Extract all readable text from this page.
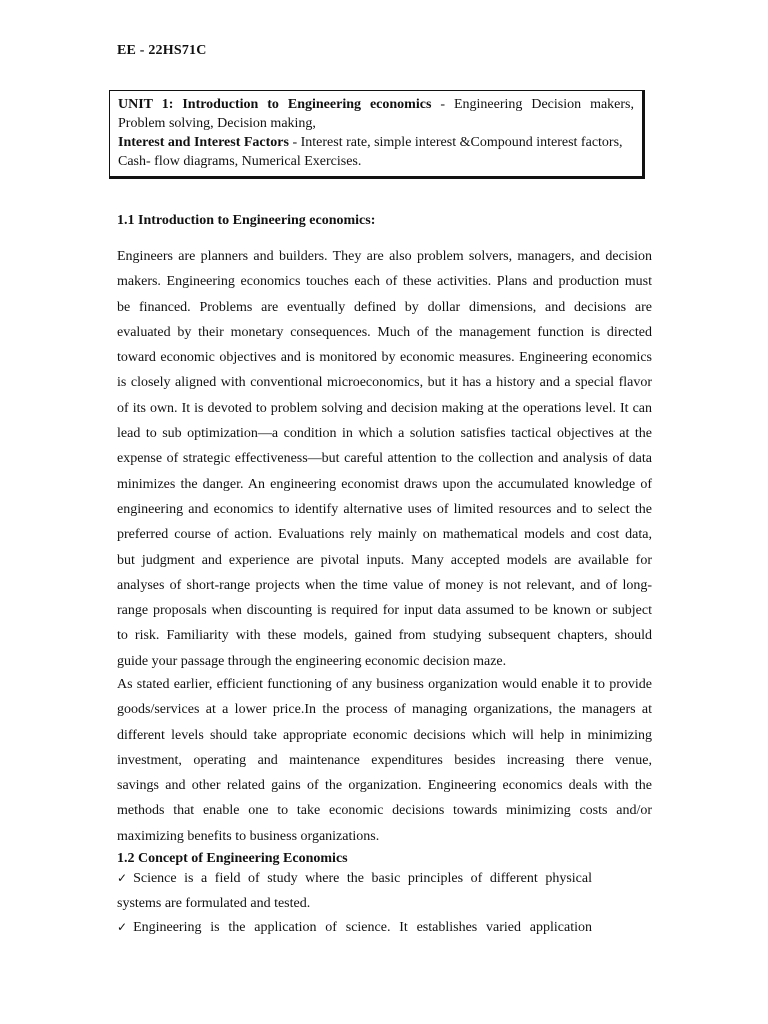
EE - 22HS71C
UNIT 1: Introduction to Engineering economics - Engineering Decision makers,
Problem solving, Decision making,
Interest and Interest Factors - Interest rate, simple interest &Compound interest factors,
Cash- flow diagrams, Numerical Exercises.
1.1 Introduction to Engineering economics:
Engineers are planners and builders. They are also problem solvers, managers, and decision
makers. Engineering economics touches each of these activities. Plans and production must
be financed. Problems are eventually defined by dollar dimensions, and decisions are
evaluated by their monetary consequences. Much of the management function is directed
toward economic objectives and is monitored by economic measures. Engineering economics
is closely aligned with conventional microeconomics, but it has a history and a special flavor
of its own. It is devoted to problem solving and decision making at the operations level. It can
lead to sub optimization—a condition in which a solution satisfies tactical objectives at the
expense of strategic effectiveness—but careful attention to the collection and analysis of data
minimizes the danger. An engineering economist draws upon the accumulated knowledge of
engineering and economics to identify alternative uses of limited resources and to select the
preferred course of action. Evaluations rely mainly on mathematical models and cost data,
but judgment and experience are pivotal inputs. Many accepted models are available for
analyses of short-range projects when the time value of money is not relevant, and of long-
range proposals when discounting is required for input data assumed to be known or subject
to risk. Familiarity with these models, gained from studying subsequent chapters, should
guide your passage through the engineering economic decision maze.
As stated earlier, efficient functioning of any business organization would enable it to provide
goods/services at a lower price.In the process of managing organizations, the managers at
different levels should take appropriate economic decisions which will help in minimizing
investment, operating and maintenance expenditures besides increasing there venue,
savings and other related gains of the organization. Engineering economics deals with the
methods that enable one to take economic decisions towards minimizing costs and/or
maximizing benefits to business organizations.
1.2 Concept of Engineering Economics
✓ Science is a field of study where the basic principles of different physical
systems are formulated and tested.
✓ Engineering is the application of science. It establishes varied application
